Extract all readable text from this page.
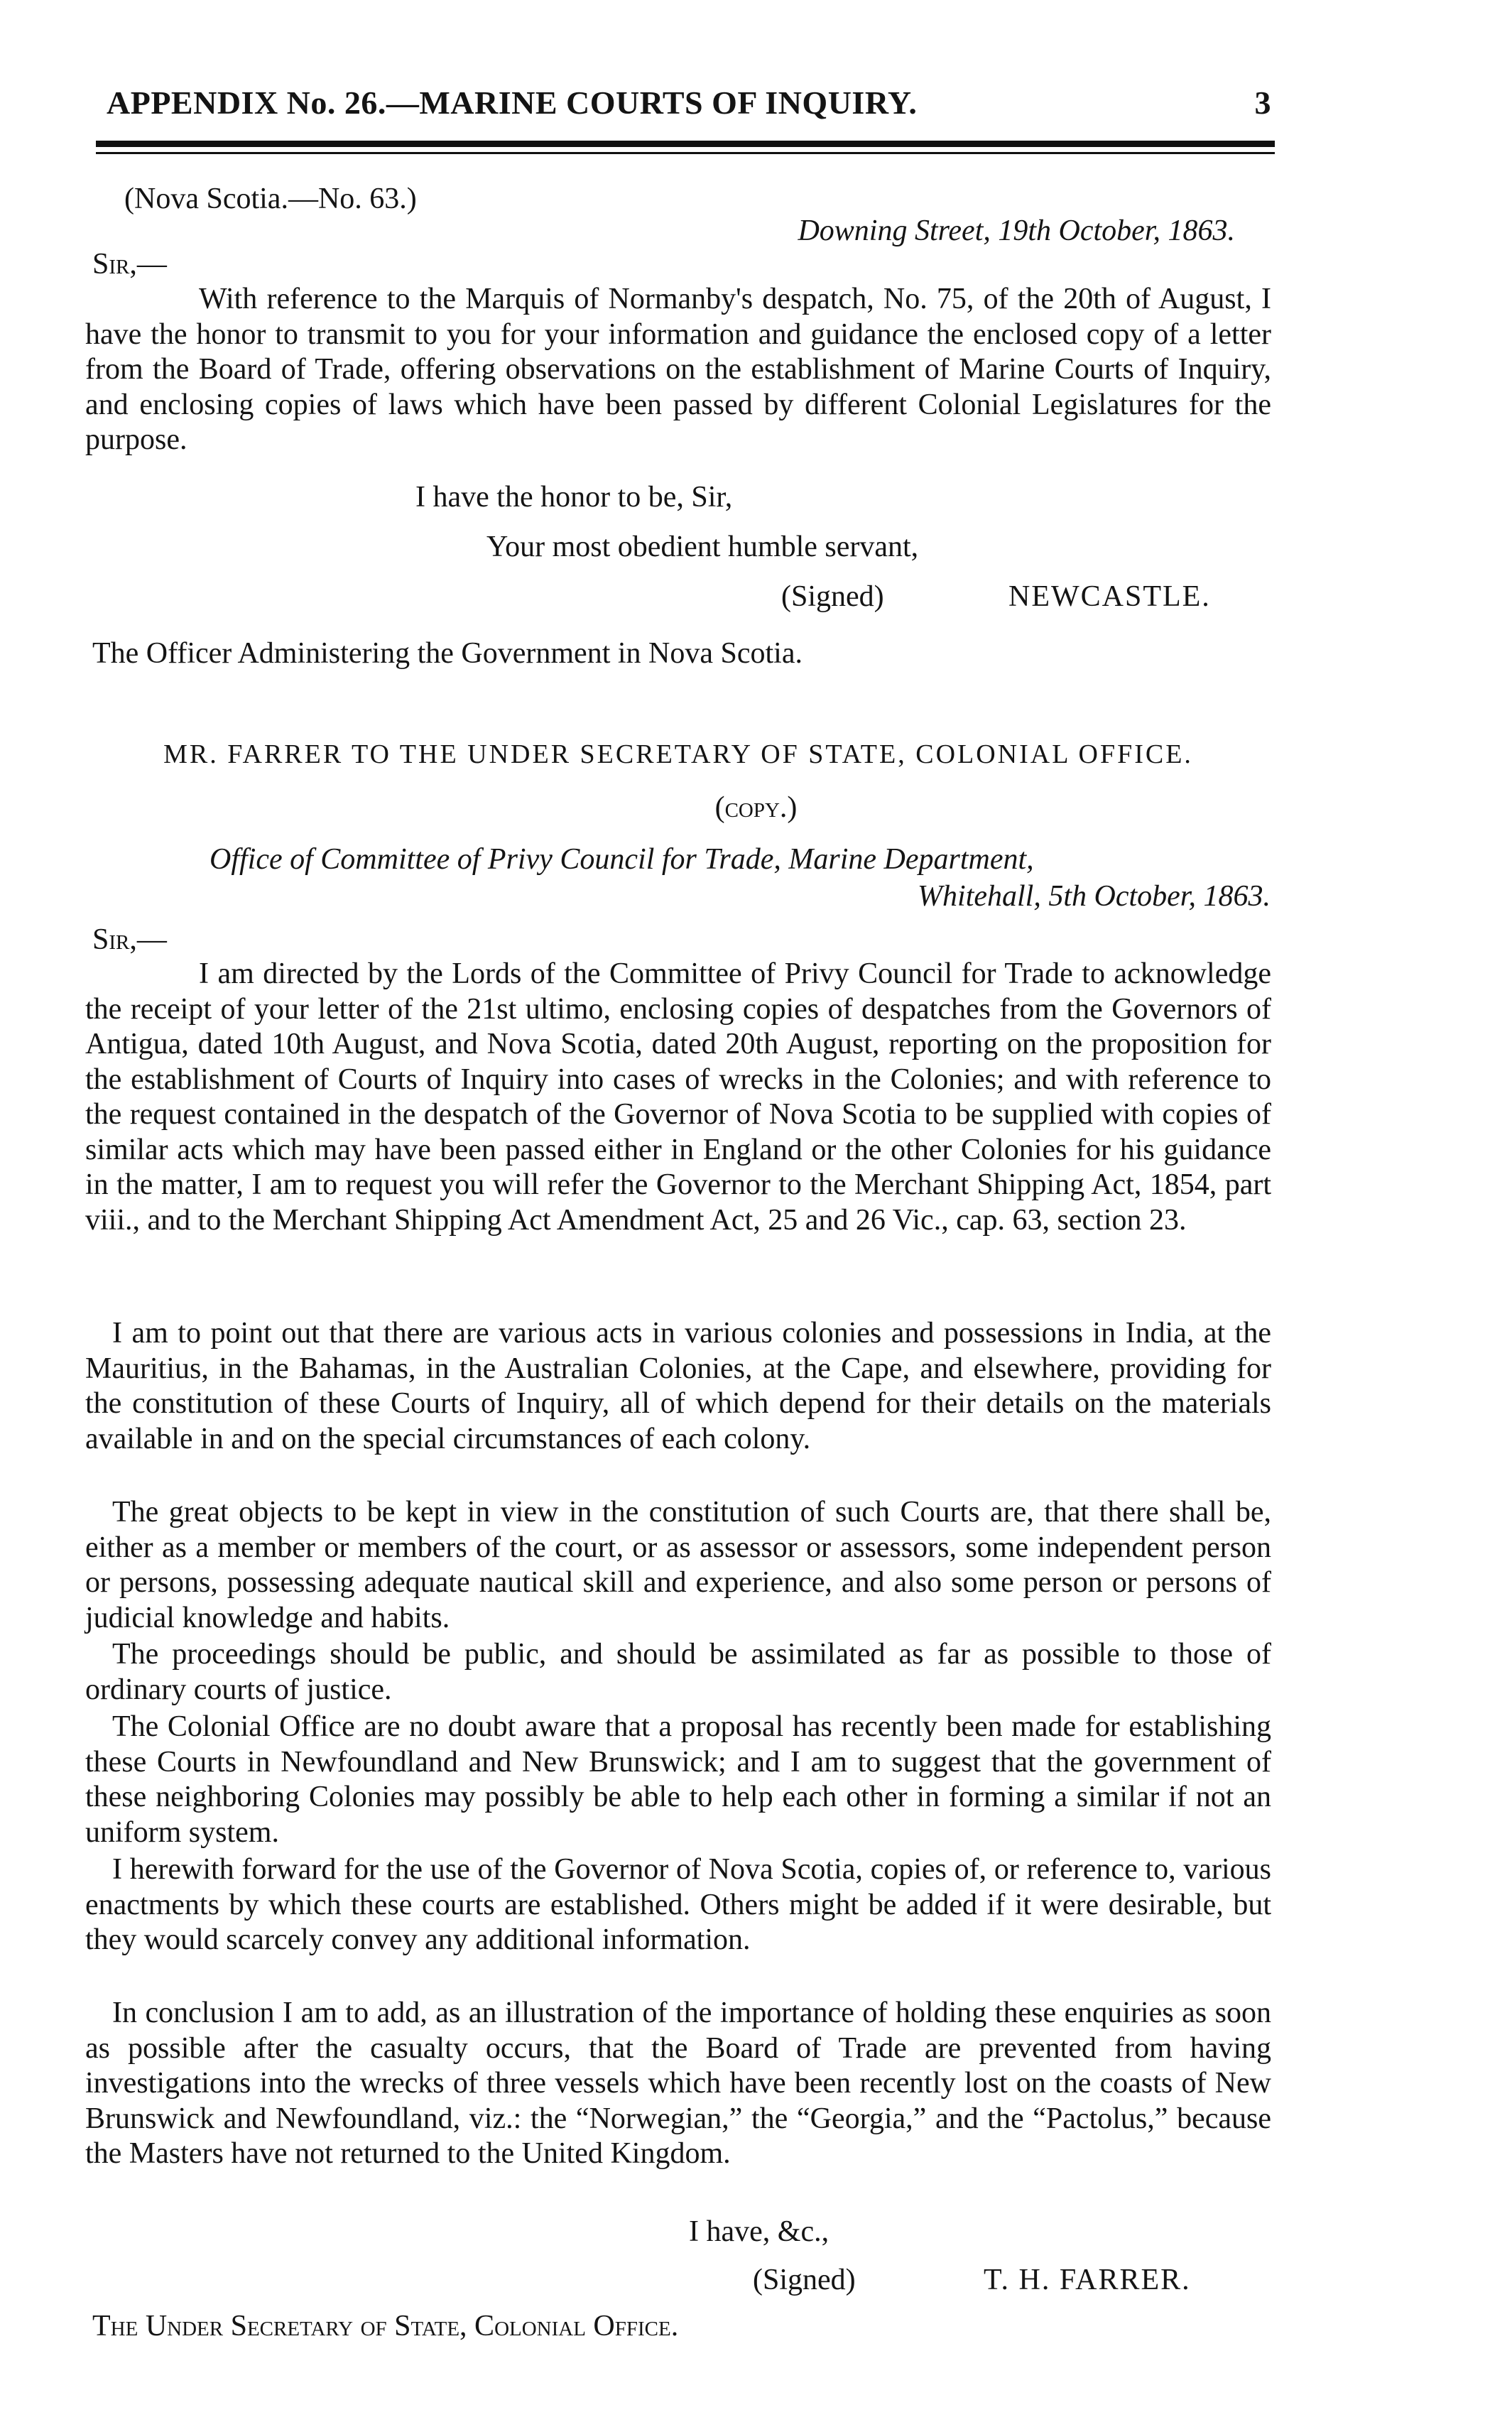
APPENDIX No. 26.—MARINE COURTS OF INQUIRY.	3
(Nova Scotia.—No. 63.)
Downing Street, 19th October, 1863.
Sir,—
With reference to the Marquis of Normanby's despatch, No. 75, of the 20th of August, I have the honor to transmit to you for your information and guidance the enclosed copy of a letter from the Board of Trade, offering observations on the establishment of Marine Courts of Inquiry, and enclosing copies of laws which have been passed by different Colonial Legislatures for the purpose.
I have the honor to be, Sir,
Your most obedient humble servant,
(Signed)	NEWCASTLE.
The Officer Administering the Government in Nova Scotia.
MR. FARRER TO THE UNDER SECRETARY OF STATE, COLONIAL OFFICE.
(copy.)
Office of Committee of Privy Council for Trade, Marine Department,
Whitehall, 5th October, 1863.
Sir,—
I am directed by the Lords of the Committee of Privy Council for Trade to acknowledge the receipt of your letter of the 21st ultimo, enclosing copies of despatches from the Governors of Antigua, dated 10th August, and Nova Scotia, dated 20th August, reporting on the proposition for the establishment of Courts of Inquiry into cases of wrecks in the Colonies; and with reference to the request contained in the despatch of the Governor of Nova Scotia to be supplied with copies of similar acts which may have been passed either in England or the other Colonies for his guidance in the matter, I am to request you will refer the Governor to the Merchant Shipping Act, 1854, part viii., and to the Merchant Shipping Act Amendment Act, 25 and 26 Vic., cap. 63, section 23.
I am to point out that there are various acts in various colonies and possessions in India, at the Mauritius, in the Bahamas, in the Australian Colonies, at the Cape, and elsewhere, providing for the constitution of these Courts of Inquiry, all of which depend for their details on the materials available in and on the special circumstances of each colony.
The great objects to be kept in view in the constitution of such Courts are, that there shall be, either as a member or members of the court, or as assessor or assessors, some independent person or persons, possessing adequate nautical skill and experience, and also some person or persons of judicial knowledge and habits.
The proceedings should be public, and should be assimilated as far as possible to those of ordinary courts of justice.
The Colonial Office are no doubt aware that a proposal has recently been made for establishing these Courts in Newfoundland and New Brunswick; and I am to suggest that the government of these neighboring Colonies may possibly be able to help each other in forming a similar if not an uniform system.
I herewith forward for the use of the Governor of Nova Scotia, copies of, or reference to, various enactments by which these courts are established. Others might be added if it were desirable, but they would scarcely convey any additional information.
In conclusion I am to add, as an illustration of the importance of holding these enquiries as soon as possible after the casualty occurs, that the Board of Trade are prevented from having investigations into the wrecks of three vessels which have been recently lost on the coasts of New Brunswick and Newfoundland, viz.: the “Norwegian,” the “Georgia,” and the “Pactolus,” because the Masters have not returned to the United Kingdom.
I have, &c.,
(Signed)	T. H. FARRER.
The Under Secretary of State, Colonial Office.
